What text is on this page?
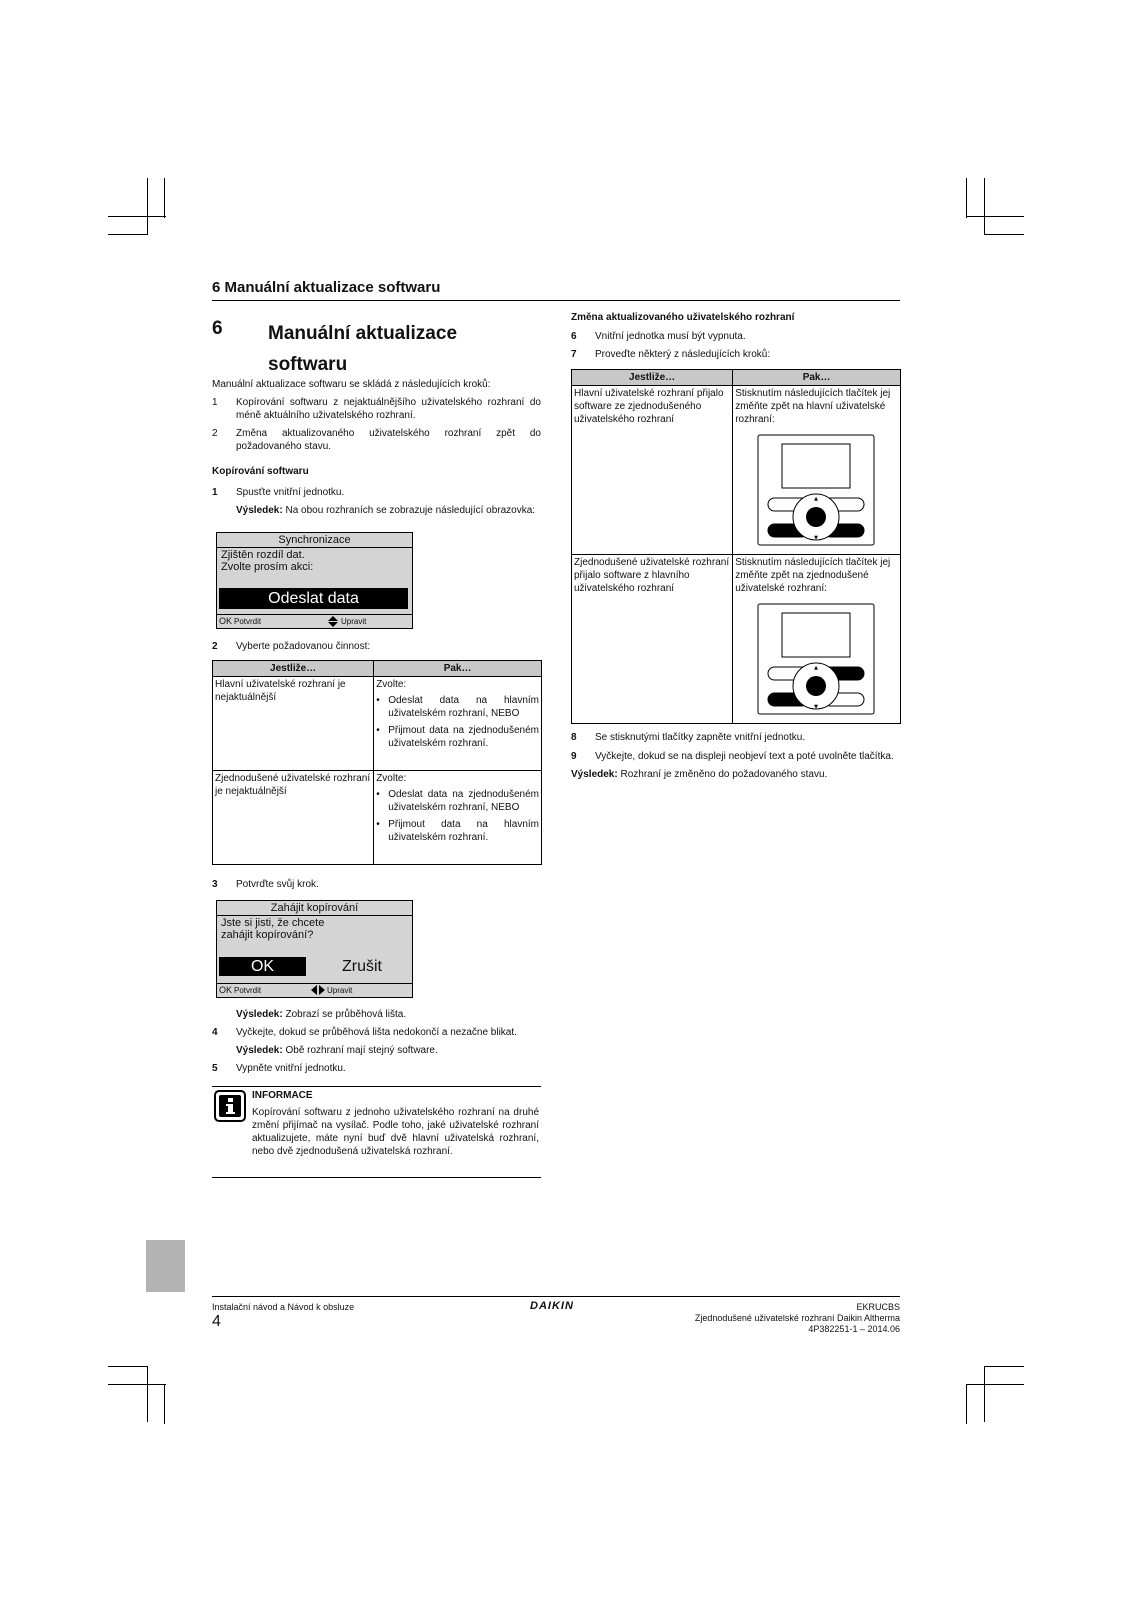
6 Manuální aktualizace softwaru
6 Manuální aktualizace softwaru

Manuální aktualizace softwaru se skládá z následujících kroků:

1	Kopírování softwaru z nejaktuálnějšího uživatelského rozhraní do méně aktuálního uživatelského rozhraní.
2	Změna aktualizovaného uživatelského rozhraní zpět do požadovaného stavu.
Kopírování softwaru
1	Spusťte vnitřní jednotku.
Výsledek: Na obou rozhraních se zobrazuje následující obrazovka:
Synchronizace
Zjištěn rozdíl dat.
Zvolte prosím akci:
Odeslat data
OK Potvrdit	Upravit
2	Vyberte požadovanou činnost:
Jestliže…	Pak…
Hlavní uživatelské rozhraní je nejaktuálnější	Zvolte:
• Odeslat data na hlavním uživatelském rozhraní, NEBO
• Přijmout data na zjednodušeném uživatelském rozhraní.

Zjednodušené uživatelské rozhraní je nejaktuálnější	Zvolte:
• Odeslat data na zjednodušeném uživatelském rozhraní, NEBO
• Přijmout data na hlavním uživatelském rozhraní.
3	Potvrďte svůj krok.
Zahájit kopírování
Jste si jisti, že chcete
zahájit kopírování?
OK	Zrušit
OK Potvrdit	Upravit
Výsledek: Zobrazí se průběhová lišta.
4	Vyčkejte, dokud se průběhová lišta nedokončí a nezačne blikat.
Výsledek: Obě rozhraní mají stejný software.
5	Vypněte vnitřní jednotku.
INFORMACE
Kopírování softwaru z jednoho uživatelského rozhraní na druhé změní přijímač na vysílač. Podle toho, jaké uživatelské rozhraní aktualizujete, máte nyní buď dvě hlavní uživatelská rozhraní, nebo dvě zjednodušená uživatelská rozhraní.
Změna aktualizovaného uživatelského rozhraní
6	Vnitřní jednotka musí být vypnuta.
7	Proveďte některý z následujících kroků:
Jestliže…	Pak…
Hlavní uživatelské rozhraní přijalo software ze zjednodušeného uživatelského rozhraní	Stisknutím následujících tlačítek jej změňte zpět na hlavní uživatelské rozhraní:
▲
▼

Zjednodušené uživatelské rozhraní přijalo software z hlavního uživatelského rozhraní	Stisknutím následujících tlačítek jej změňte zpět na zjednodušené uživatelské rozhraní:
▲
▼
8	Se stisknutými tlačítky zapněte vnitřní jednotku.
9	Vyčkejte, dokud se na displeji neobjeví text a poté uvolněte tlačítka.
Výsledek: Rozhraní je změněno do požadovaného stavu.
Instalační návod a Návod k obsluze
4
DAIKIN	EKRUCBS
Zjednodušené uživatelské rozhraní Daikin Altherma
4P382251-1 – 2014.06
